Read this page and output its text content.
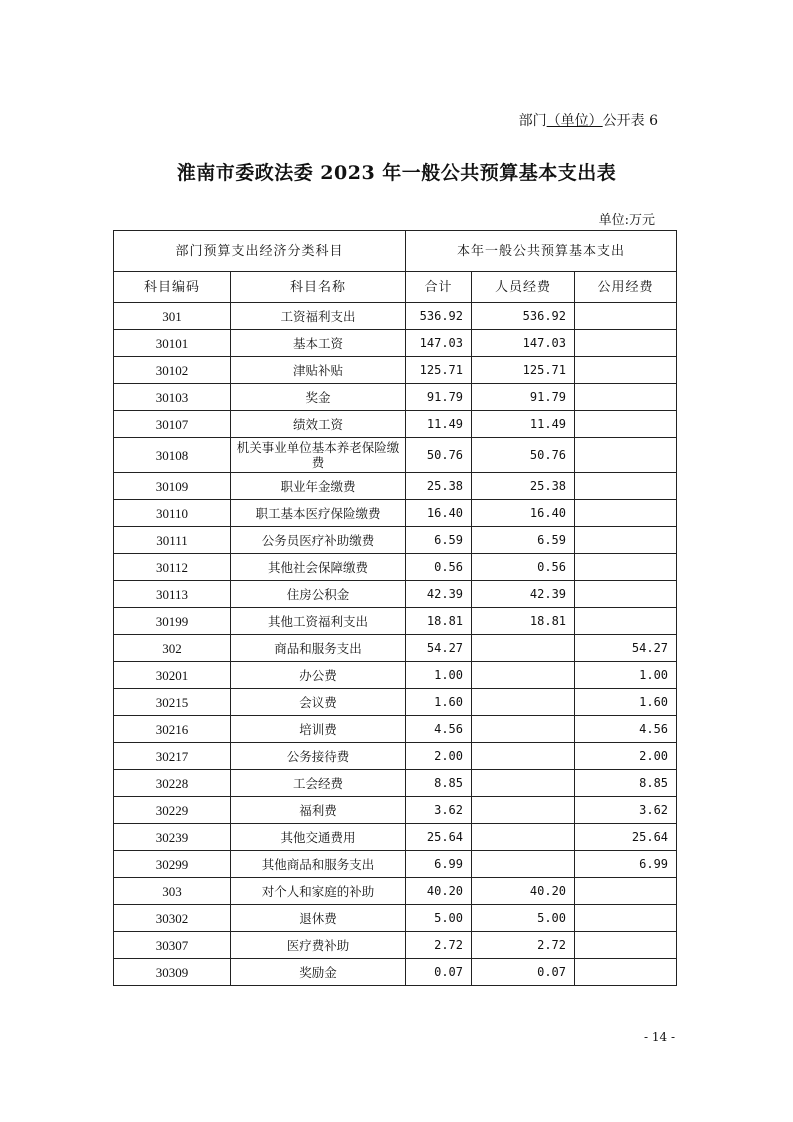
部门（单位）公开表 6
淮南市委政法委 2023 年一般公共预算基本支出表
单位:万元
部门预算支出经济分类科目		本年一般公共预算基本支出		
科目编码	科目名称	合计	人员经费	公用经费
301	工资福利支出	536.92	536.92	
30101	基本工资	147.03	147.03	
30102	津贴补贴	125.71	125.71	
30103	奖金	91.79	91.79	
30107	绩效工资	11.49	11.49	
30108	机关事业单位基本养老保险缴费	50.76	50.76	
30109	职业年金缴费	25.38	25.38	
30110	职工基本医疗保险缴费	16.40	16.40	
30111	公务员医疗补助缴费	6.59	6.59	
30112	其他社会保障缴费	0.56	0.56	
30113	住房公积金	42.39	42.39	
30199	其他工资福利支出	18.81	18.81	
302	商品和服务支出	54.27		54.27
30201	办公费	1.00		1.00
30215	会议费	1.60		1.60
30216	培训费	4.56		4.56
30217	公务接待费	2.00		2.00
30228	工会经费	8.85		8.85
30229	福利费	3.62		3.62
30239	其他交通费用	25.64		25.64
30299	其他商品和服务支出	6.99		6.99
303	对个人和家庭的补助	40.20	40.20	
30302	退休费	5.00	5.00	
30307	医疗费补助	2.72	2.72	
30309	奖励金	0.07	0.07	
- 14 -
